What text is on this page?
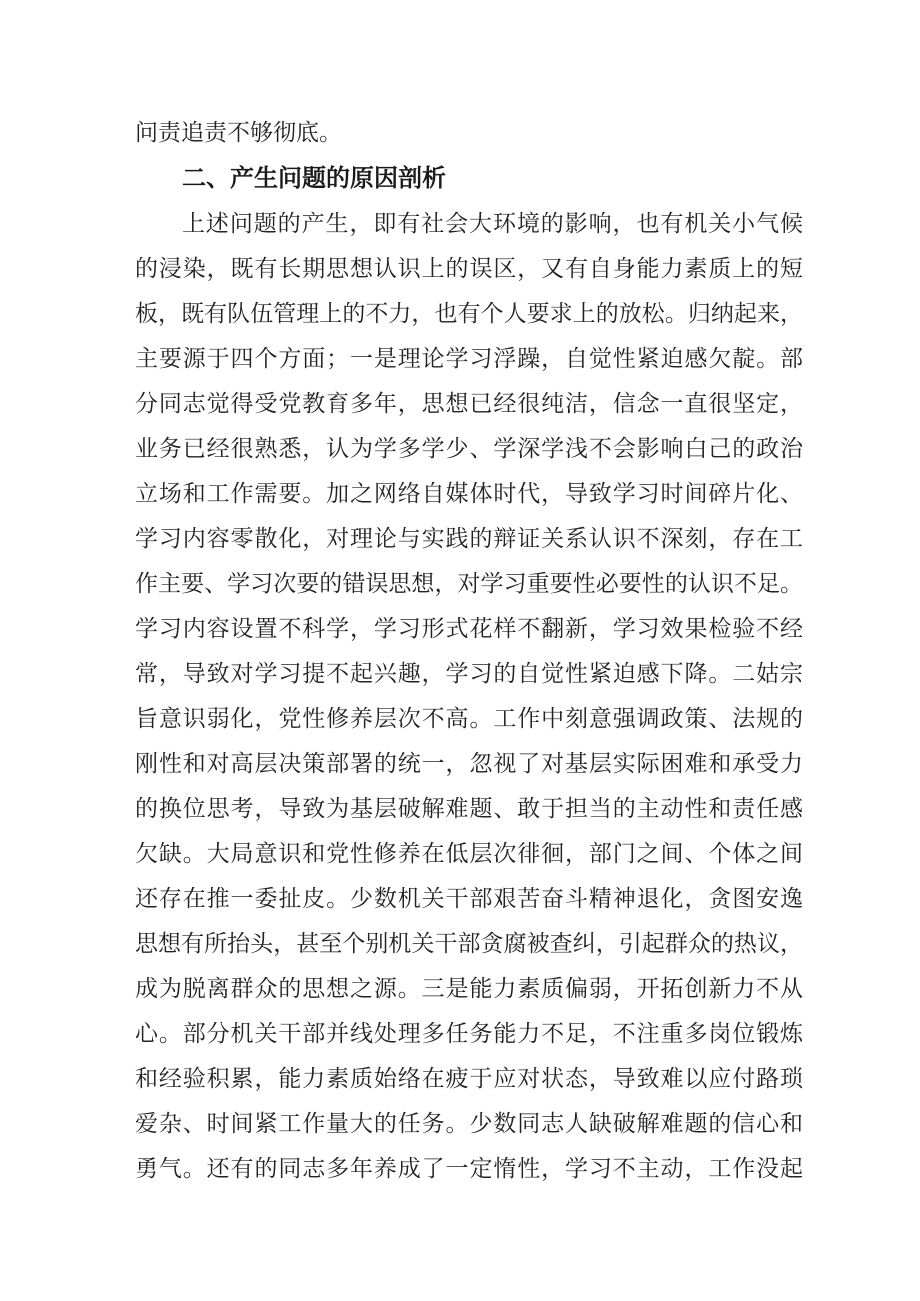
问责追责不够彻底。
二、产生问题的原因剖析
上述问题的产生，即有社会大环境的影响，也有机关小气候
的浸染，既有长期思想认识上的误区，又有自身能力素质上的短
板，既有队伍管理上的不力，也有个人要求上的放松。归纳起来，
主要源于四个方面；一是理论学习浮躁，自觉性紧迫感欠靛。部
分同志觉得受党教育多年，思想已经很纯洁，信念一直很坚定，
业务已经很熟悉，认为学多学少、学深学浅不会影响白己的政治
立场和工作需要。加之网络自媒体时代，导致学习时间碎片化、
学习内容零散化，对理论与实践的辩证关系认识不深刻，存在工
作主要、学习次要的错误思想，对学习重要性必要性的认识不足。
学习内容设置不科学，学习形式花样不翻新，学习效果检验不经
常，导致对学习提不起兴趣，学习的自觉性紧迫感下降。二姑宗
旨意识弱化，党性修养层次不高。工作中刻意强调政策、法规的
刚性和对高层决策部署的统一，忽视了对基层实际困难和承受力
的换位思考，导致为基层破解难题、敢于担当的主动性和责任感
欠缺。大局意识和党性修养在低层次徘徊，部门之间、个体之间
还存在推一委扯皮。少数机关干部艰苦奋斗精神退化，贪图安逸
思想有所抬头，甚至个别机关干部贪腐被查纠，引起群众的热议，
成为脱离群众的思想之源。三是能力素质偏弱，开拓创新力不从
心。部分机关干部并线处理多任务能力不足，不注重多岗位锻炼
和经验积累，能力素质始络在疲于应对状态，导致难以应付路琐
爱杂、时间紧工作量大的任务。少数同志人缺破解难题的信心和
勇气。还有的同志多年养成了一定惰性，学习不主动，工作没起
